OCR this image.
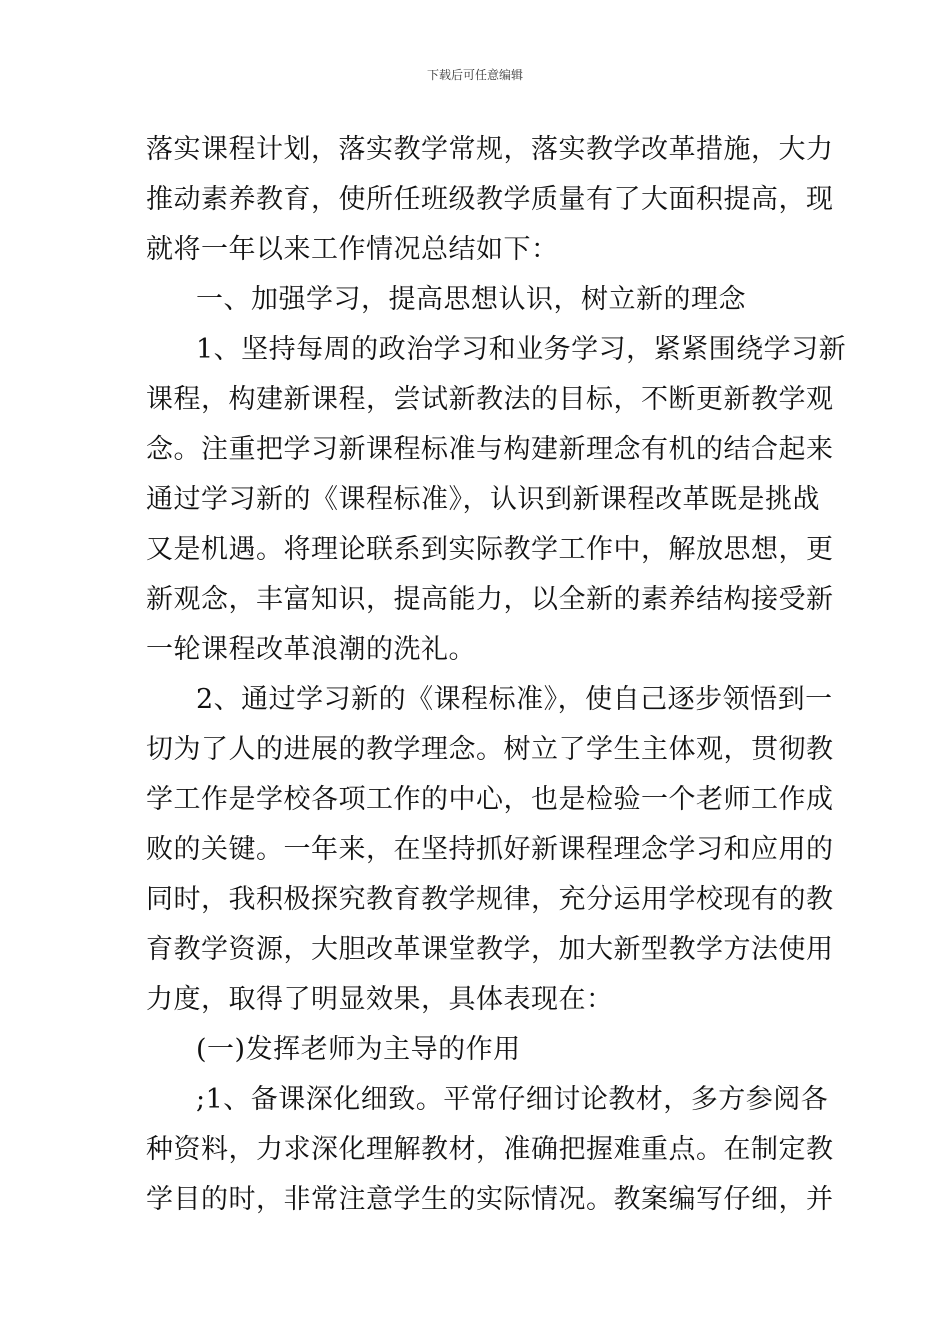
下载后可任意编辑
落实课程计划，落实教学常规，落实教学改革措施，大力
推动素养教育，使所任班级教学质量有了大面积提高，现
就将一年以来工作情况总结如下：
一、加强学习，提高思想认识，树立新的理念
1、坚持每周的政治学习和业务学习，紧紧围绕学习新
课程，构建新课程，尝试新教法的目标，不断更新教学观
念。注重把学习新课程标准与构建新理念有机的结合起来
通过学习新的《课程标准》，认识到新课程改革既是挑战
又是机遇。将理论联系到实际教学工作中，解放思想，更
新观念，丰富知识，提高能力，以全新的素养结构接受新
一轮课程改革浪潮的洗礼。
2、通过学习新的《课程标准》，使自己逐步领悟到一
切为了人的进展的教学理念。树立了学生主体观，贯彻教
学工作是学校各项工作的中心，也是检验一个老师工作成
败的关键。一年来，在坚持抓好新课程理念学习和应用的
同时，我积极探究教育教学规律，充分运用学校现有的教
育教学资源，大胆改革课堂教学，加大新型教学方法使用
力度，取得了明显效果，具体表现在：
(一)发挥老师为主导的作用
;1、备课深化细致。平常仔细讨论教材，多方参阅各
种资料，力求深化理解教材，准确把握难重点。在制定教
学目的时，非常注意学生的实际情况。教案编写仔细，并
